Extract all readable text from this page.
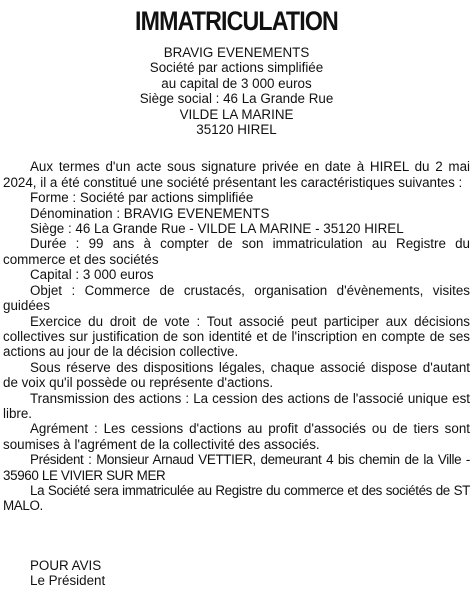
IMMATRICULATION
BRAVIG EVENEMENTS
Société par actions simplifiée
au capital de 3 000 euros
Siège social : 46 La Grande Rue
VILDE LA MARINE
35120 HIREL

Aux termes d'un acte sous signature privée en date à HIREL du 2 mai 2024, il a été constitué une société présentant les caractéristiques suivantes :

Forme : Société par actions simplifiée

Dénomination : BRAVIG EVENEMENTS

Siège : 46 La Grande Rue - VILDE LA MARINE - 35120 HIREL

Durée : 99 ans à compter de son immatriculation au Registre du commerce et des sociétés

Capital : 3 000 euros

Objet : Commerce de crustacés, organisation d'évènements, visites guidées

Exercice du droit de vote : Tout associé peut participer aux décisions collectives sur justification de son identité et de l'inscription en compte de ses actions au jour de la décision collective.

Sous réserve des dispositions légales, chaque associé dispose d'autant de voix qu'il possède ou représente d'actions.

Transmission des actions : La cession des actions de l'associé unique est libre.

Agrément : Les cessions d'actions au profit d'associés ou de tiers sont soumises à l'agrément de la collectivité des associés.

Président : Monsieur Arnaud VETTIER, demeurant 4 bis chemin de la Ville - 35960 LE VIVIER SUR MER

La Société sera immatriculée au Registre du commerce et des sociétés de ST MALO.

POUR AVIS
Le Président
